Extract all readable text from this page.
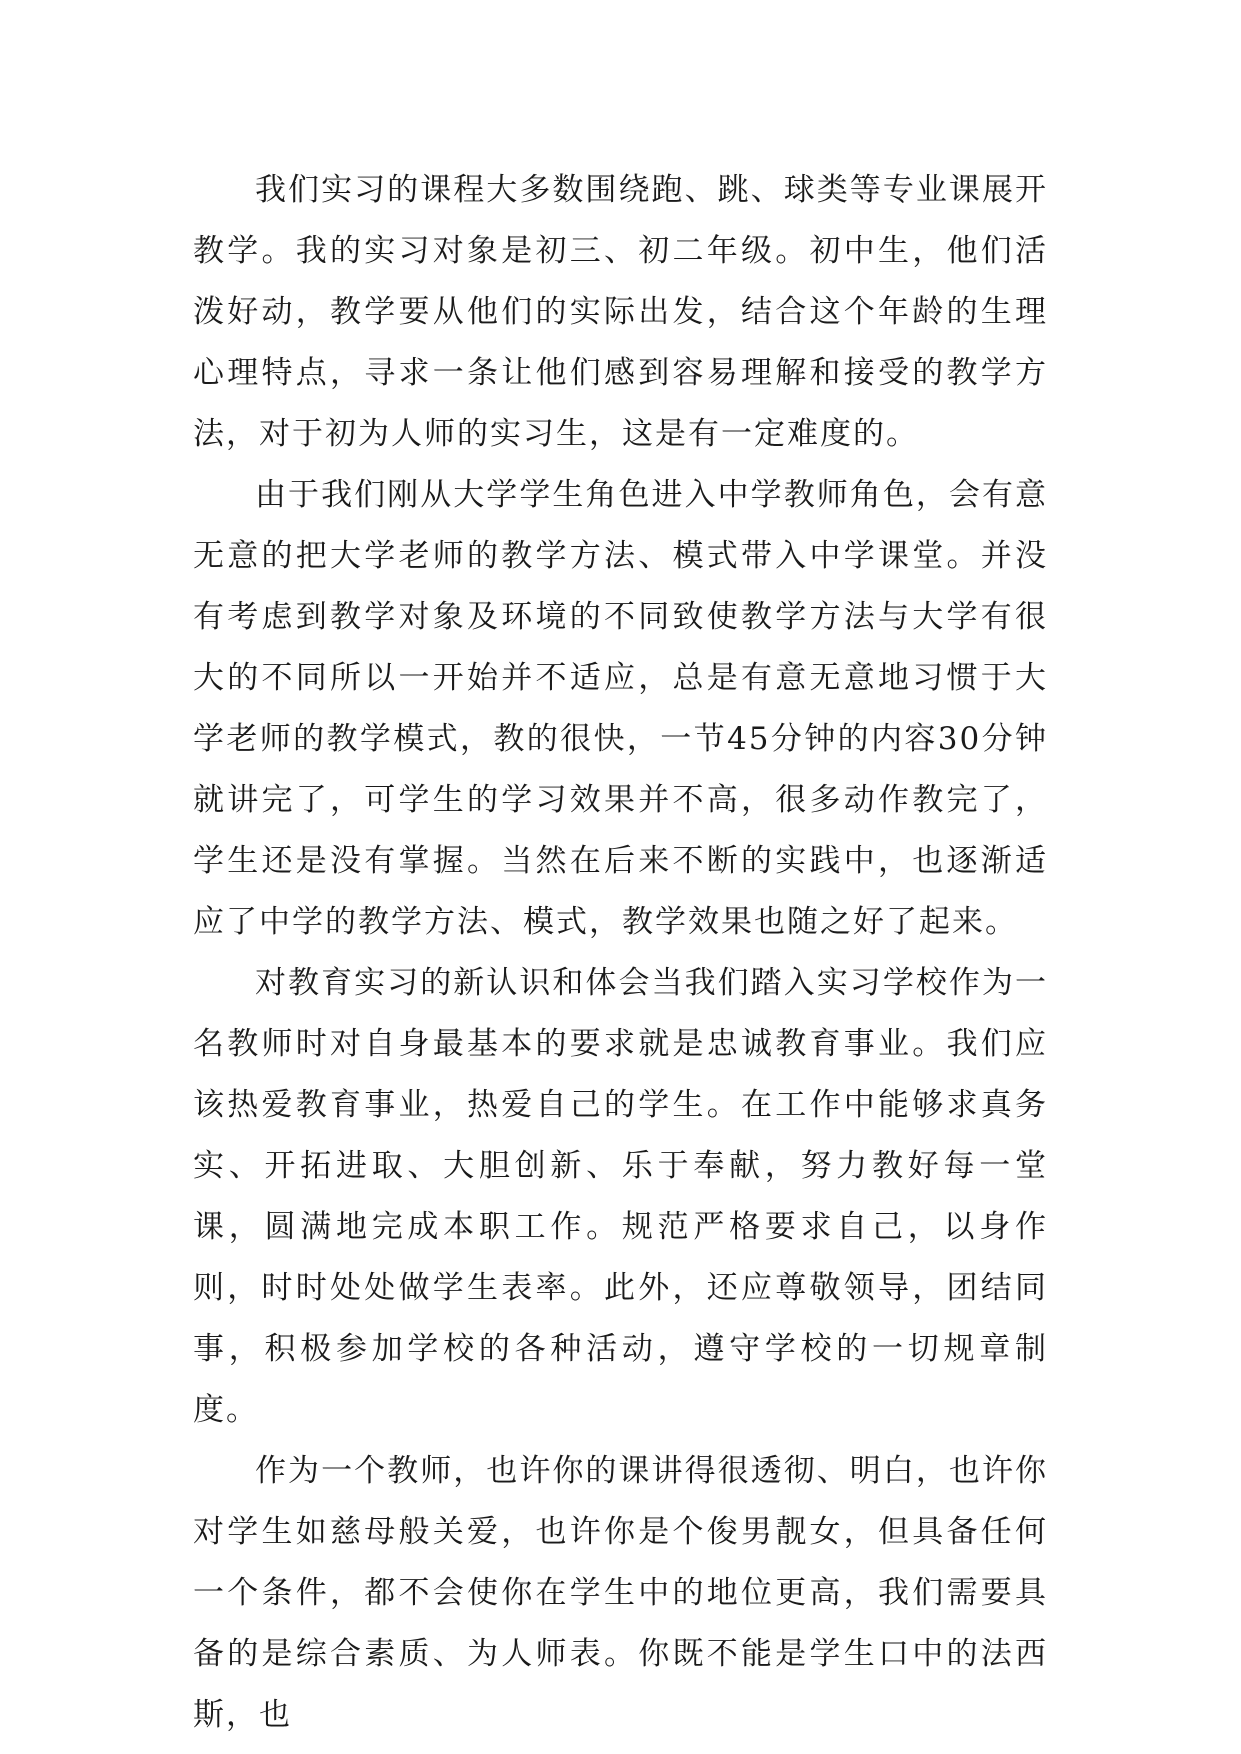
我们实习的课程大多数围绕跑、跳、球类等专业课展开教学。我的实习对象是初三、初二年级。初中生，他们活泼好动，教学要从他们的实际出发，结合这个年龄的生理心理特点，寻求一条让他们感到容易理解和接受的教学方法，对于初为人师的实习生，这是有一定难度的。

由于我们刚从大学学生角色进入中学教师角色，会有意无意的把大学老师的教学方法、模式带入中学课堂。并没有考虑到教学对象及环境的不同致使教学方法与大学有很大的不同所以一开始并不适应，总是有意无意地习惯于大学老师的教学模式，教的很快，一节45分钟的内容30分钟就讲完了，可学生的学习效果并不高，很多动作教完了，学生还是没有掌握。当然在后来不断的实践中，也逐渐适应了中学的教学方法、模式，教学效果也随之好了起来。

对教育实习的新认识和体会当我们踏入实习学校作为一名教师时对自身最基本的要求就是忠诚教育事业。我们应该热爱教育事业，热爱自己的学生。在工作中能够求真务实、开拓进取、大胆创新、乐于奉献，努力教好每一堂课，圆满地完成本职工作。规范严格要求自己，以身作则，时时处处做学生表率。此外，还应尊敬领导，团结同事，积极参加学校的各种活动，遵守学校的一切规章制度。

作为一个教师，也许你的课讲得很透彻、明白，也许你对学生如慈母般关爱，也许你是个俊男靓女，但具备任何一个条件，都不会使你在学生中的地位更高，我们需要具备的是综合素质、为人师表。你既不能是学生口中的法西斯，也
